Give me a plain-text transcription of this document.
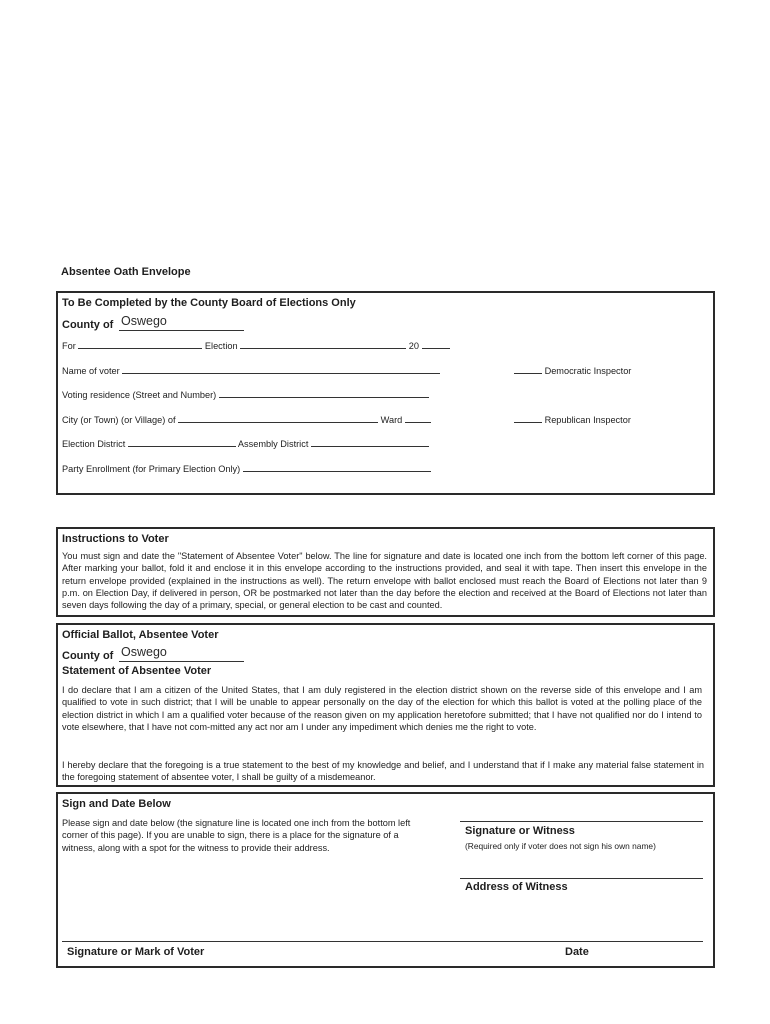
Absentee Oath Envelope
To Be Completed by the County Board of Elections Only
County of Oswego
For	Election	20
Name of voter	Democratic Inspector
Voting residence (Street and Number)
City (or Town) (or Village) of	Ward	Republican Inspector
Election District	Assembly District
Party Enrollment (for Primary Election Only)
Instructions to Voter
You must sign and date the "Statement of Absentee Voter" below. The line for signature and date is located one inch from the bottom left corner of this page. After marking your ballot, fold it and enclose it in this envelope according to the instructions provided, and seal it with tape. Then insert this envelope in the return envelope provided (explained in the instructions as well). The return envelope with ballot enclosed must reach the Board of Elections not later than 9 p.m. on Election Day, if delivered in person, OR be postmarked not later than the day before the election and received at the Board of Elections not later than seven days following the day of a primary, special, or general election to be cast and counted.
Official Ballot, Absentee Voter
County of Oswego
Statement of Absentee Voter
I do declare that I am a citizen of the United States, that I am duly registered in the election district shown on the reverse side of this envelope and I am qualified to vote in such district; that I will be unable to appear personally on the day of the election for which this ballot is voted at the polling place of the election district in which I am a qualified voter because of the reason given on my application heretofore submitted; that I have not qualified nor do I intend to vote elsewhere, that I have not com-mitted any act nor am I under any impediment which denies me the right to vote.
I hereby declare that the foregoing is a true statement to the best of my knowledge and belief, and I understand that if I make any material false statement in the foregoing statement of absentee voter, I shall be guilty of a misdemeanor.
Sign and Date Below
Please sign and date below (the signature line is located one inch from the bottom left corner of this page). If you are unable to sign, there is a place for the signature of a witness, along with a spot for the witness to provide their address.
Signature or Witness
(Required only if voter does not sign his own name)
Address of Witness
Signature or Mark of Voter	Date
